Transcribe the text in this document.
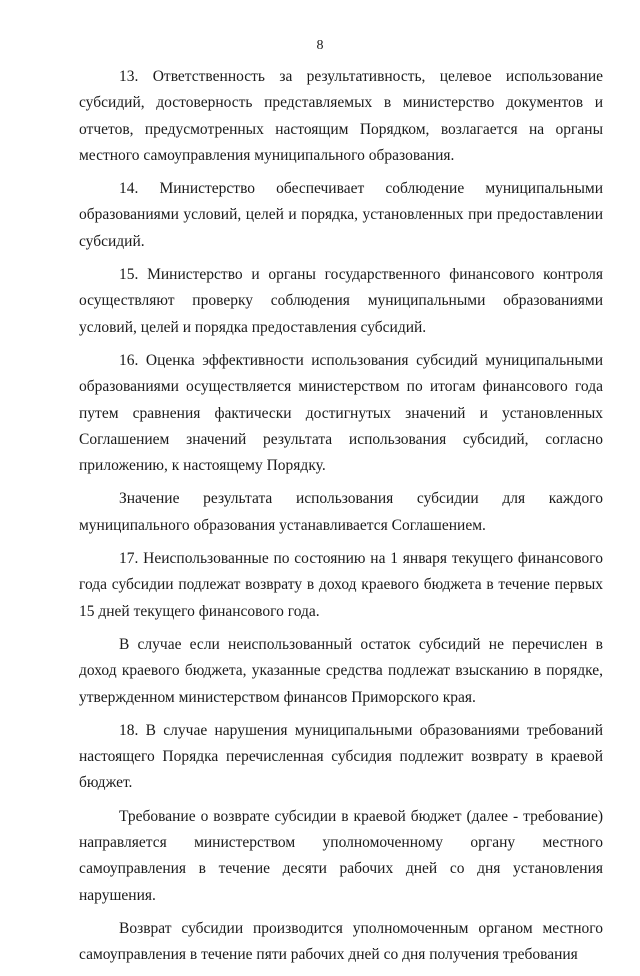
8

13. Ответственность за результативность, целевое использование субсидий, достоверность представляемых в министерство документов и отчетов, предусмотренных настоящим Порядком, возлагается на органы местного самоуправления муниципального образования.

14. Министерство обеспечивает соблюдение муниципальными образованиями условий, целей и порядка, установленных при предоставлении субсидий.

15. Министерство и органы государственного финансового контроля осуществляют проверку соблюдения муниципальными образованиями условий, целей и порядка предоставления субсидий.

16. Оценка эффективности использования субсидий муниципальными образованиями осуществляется министерством по итогам финансового года путем сравнения фактически достигнутых значений и установленных Соглашением значений результата использования субсидий, согласно приложению, к настоящему Порядку.

Значение результата использования субсидии для каждого муниципального образования устанавливается Соглашением.

17. Неиспользованные по состоянию на 1 января текущего финансового года субсидии подлежат возврату в доход краевого бюджета в течение первых 15 дней текущего финансового года.

В случае если неиспользованный остаток субсидий не перечислен в доход краевого бюджета, указанные средства подлежат взысканию в порядке, утвержденном министерством финансов Приморского края.

18. В случае нарушения муниципальными образованиями требований настоящего Порядка перечисленная субсидия подлежит возврату в краевой бюджет.

Требование о возврате субсидии в краевой бюджет (далее - требование) направляется министерством уполномоченному органу местного самоуправления в течение десяти рабочих дней со дня установления нарушения.

Возврат субсидии производится уполномоченным органом местного самоуправления в течение пяти рабочих дней со дня получения требования
